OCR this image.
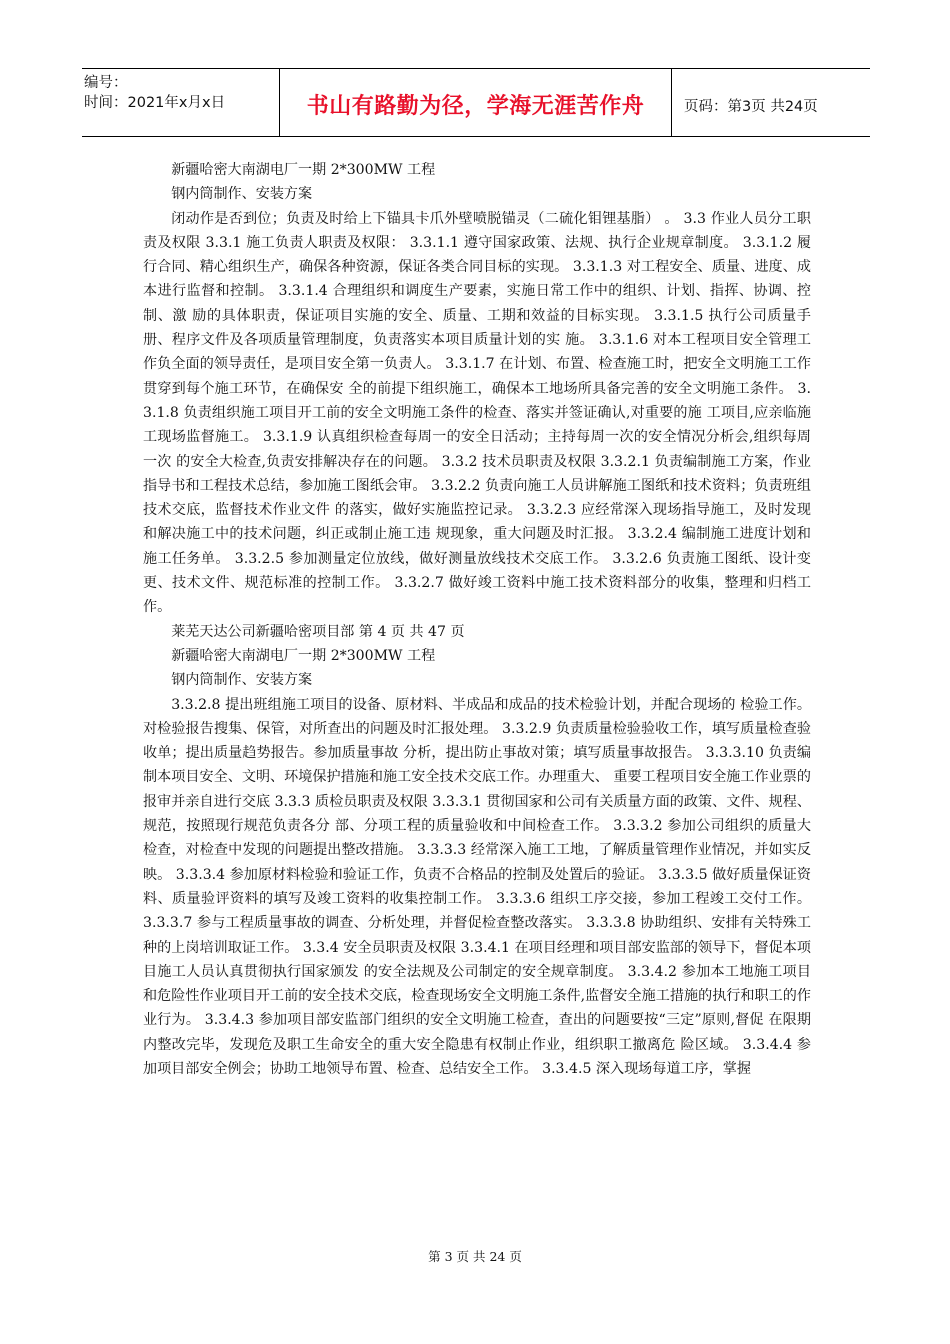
编号：
时间：2021年x月x日	书山有路勤为径，学海无涯苦作舟	页码：第3页 共24页

新疆哈密大南湖电厂一期 2*300MW 工程

钢内筒制作、安装方案

闭动作是否到位；负责及时给上下锚具卡爪外壁喷脱锚灵（二硫化钼锂基脂） 。 3.3 作业人员分工职责及权限 3.3.1 施工负责人职责及权限： 3.3.1.1 遵守国家政策、法规、执行企业规章制度。 3.3.1.2 履行合同、精心组织生产，确保各种资源，保证各类合同目标的实现。 3.3.1.3 对工程安全、质量、进度、成本进行监督和控制。 3.3.1.4 合理组织和调度生产要素，实施日常工作中的组织、计划、指挥、协调、控制、激 励的具体职责，保证项目实施的安全、质量、工期和效益的目标实现。 3.3.1.5 执行公司质量手册、程序文件及各项质量管理制度，负责落实本项目质量计划的实 施。 3.3.1.6 对本工程项目安全管理工作负全面的领导责任，是项目安全第一负责人。 3.3.1.7 在计划、布置、检查施工时，把安全文明施工工作贯穿到每个施工环节，在确保安 全的前提下组织施工，确保本工地场所具备完善的安全文明施工条件。 3.3.1.8 负责组织施工项目开工前的安全文明施工条件的检查、落实并签证确认,对重要的施 工项目,应亲临施工现场监督施工。 3.3.1.9 认真组织检查每周一的安全日活动；主持每周一次的安全情况分析会,组织每周一次 的安全大检查,负责安排解决存在的问题。 3.3.2 技术员职责及权限 3.3.2.1 负责编制施工方案，作业指导书和工程技术总结，参加施工图纸会审。 3.3.2.2 负责向施工人员讲解施工图纸和技术资料；负责班组技术交底，监督技术作业文件 的落实，做好实施监控记录。 3.3.2.3 应经常深入现场指导施工，及时发现和解决施工中的技术问题，纠正或制止施工违 规现象，重大问题及时汇报。 3.3.2.4 编制施工进度计划和施工任务单。 3.3.2.5 参加测量定位放线，做好测量放线技术交底工作。 3.3.2.6 负责施工图纸、设计变更、技术文件、规范标准的控制工作。 3.3.2.7 做好竣工资料中施工技术资料部分的收集，整理和归档工作。

莱芜天达公司新疆哈密项目部 第 4 页 共 47 页

新疆哈密大南湖电厂一期 2*300MW 工程

钢内筒制作、安装方案

3.3.2.8 提出班组施工项目的设备、原材料、半成品和成品的技术检验计划，并配合现场的 检验工作。对检验报告搜集、保管，对所查出的问题及时汇报处理。 3.3.2.9 负责质量检验验收工作，填写质量检查验收单；提出质量趋势报告。参加质量事故 分析，提出防止事故对策；填写质量事故报告。 3.3.3.10 负责编制本项目安全、文明、环境保护措施和施工安全技术交底工作。办理重大、 重要工程项目安全施工作业票的报审并亲自进行交底 3.3.3 质检员职责及权限 3.3.3.1 贯彻国家和公司有关质量方面的政策、文件、规程、规范，按照现行规范负责各分 部、分项工程的质量验收和中间检查工作。 3.3.3.2 参加公司组织的质量大检查，对检查中发现的问题提出整改措施。 3.3.3.3 经常深入施工工地，了解质量管理作业情况，并如实反映。 3.3.3.4 参加原材料检验和验证工作，负责不合格品的控制及处置后的验证。 3.3.3.5 做好质量保证资料、质量验评资料的填写及竣工资料的收集控制工作。 3.3.3.6 组织工序交接，参加工程竣工交付工作。 3.3.3.7 参与工程质量事故的调查、分析处理，并督促检查整改落实。 3.3.3.8 协助组织、安排有关特殊工种的上岗培训取证工作。 3.3.4 安全员职责及权限 3.3.4.1 在项目经理和项目部安监部的领导下，督促本项目施工人员认真贯彻执行国家颁发 的安全法规及公司制定的安全规章制度。 3.3.4.2 参加本工地施工项目和危险性作业项目开工前的安全技术交底，检查现场安全文明施工条件,监督安全施工措施的执行和职工的作业行为。 3.3.4.3 参加项目部安监部门组织的安全文明施工检查，查出的问题要按“三定”原则,督促 在限期内整改完毕，发现危及职工生命安全的重大安全隐患有权制止作业，组织职工撤离危 险区域。 3.3.4.4 参加项目部安全例会；协助工地领导布置、检查、总结安全工作。 3.3.4.5 深入现场每道工序，掌握

第 3 页 共 24 页
